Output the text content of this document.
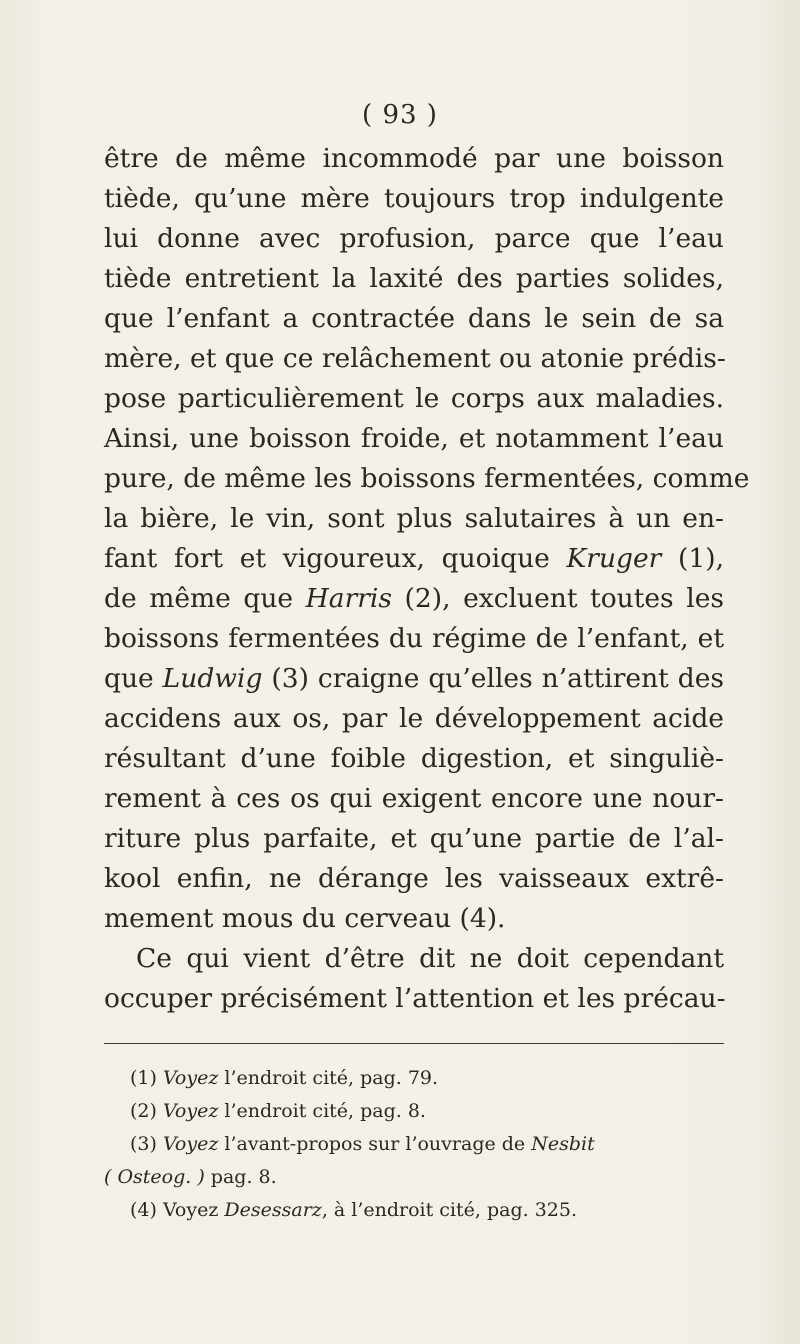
( 93 )
être de même incommodé par une boisson
tiède, qu’une mère toujours trop indulgente
lui donne avec profusion, parce que l’eau
tiède entretient la laxité des parties solides,
que l’enfant a contractée dans le sein de sa
mère, et que ce relâchement ou atonie prédis-
pose particulièrement le corps aux maladies.
Ainsi, une boisson froide, et notamment l’eau
pure, de même les boissons fermentées, comme
la bière, le vin, sont plus salutaires à un en-
fant fort et vigoureux, quoique Kruger (1),
de même que Harris (2), excluent toutes les
boissons fermentées du régime de l’enfant, et
que Ludwig (3) craigne qu’elles n’attirent des
accidens aux os, par le développement acide
résultant d’une foible digestion, et singuliè-
rement à ces os qui exigent encore une nour-
riture plus parfaite, et qu’une partie de l’al-
kool enfin, ne dérange les vaisseaux extrê-
mement mous du cerveau (4).
Ce qui vient d’être dit ne doit cependant
occuper précisément l’attention et les précau-
(1) Voyez l’endroit cité, pag. 79.
(2) Voyez l’endroit cité, pag. 8.
(3) Voyez l’avant-propos sur l’ouvrage de Nesbit
( Osteog. ) pag. 8.
(4) Voyez Desessarz, à l’endroit cité, pag. 325.
